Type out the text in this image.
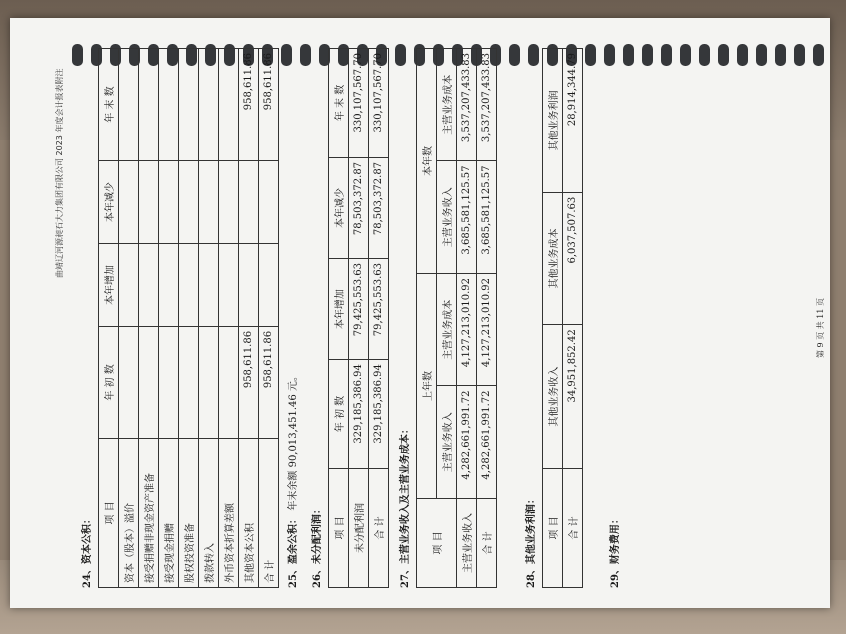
曲靖辽河源昶石大力集团有限公司 2023 年度会计报表附注
24、资本公积：
项 目	年 初 数	本年增加	本年减少	年 末 数
资本（股本）溢价				
接受捐赠非现金资产准备				
接受现金捐赠				
股权投资准备				
拨款转入				
外币资本折算差额				
其他资本公积	958,611.86			958,611.86
合 计	958,611.86			958,611.86
25、盈余公积： 年末余额 90,013,451.46 元。
26、未分配利润： 项 目	年 初 数	本年增加	本年减少	年 末 数
未分配利润	329,185,386.94	79,425,553.63	78,503,372.87	330,107,567.70
合 计	329,185,386.94	79,425,553.63	78,503,372.87	330,107,567.70
27、主营业务收入及主营业务成本： 项 目	上年数		本年数	
	主营业务收入	主营业务成本	主营业务收入	主营业务成本
主营业务收入	4,282,661,991.72	4,127,213,010.92	3,685,581,125.57	3,537,207,433.83
合 计	4,282,661,991.72	4,127,213,010.92	3,685,581,125.57	3,537,207,433.83
28、其他业务利润： 项 目	其他业务收入	其他业务成本	其他业务利润
合 计	34,951,852.42	6,037,507.63	28,914,344.79
29、财务费用：
第 9 页 共 11 页
